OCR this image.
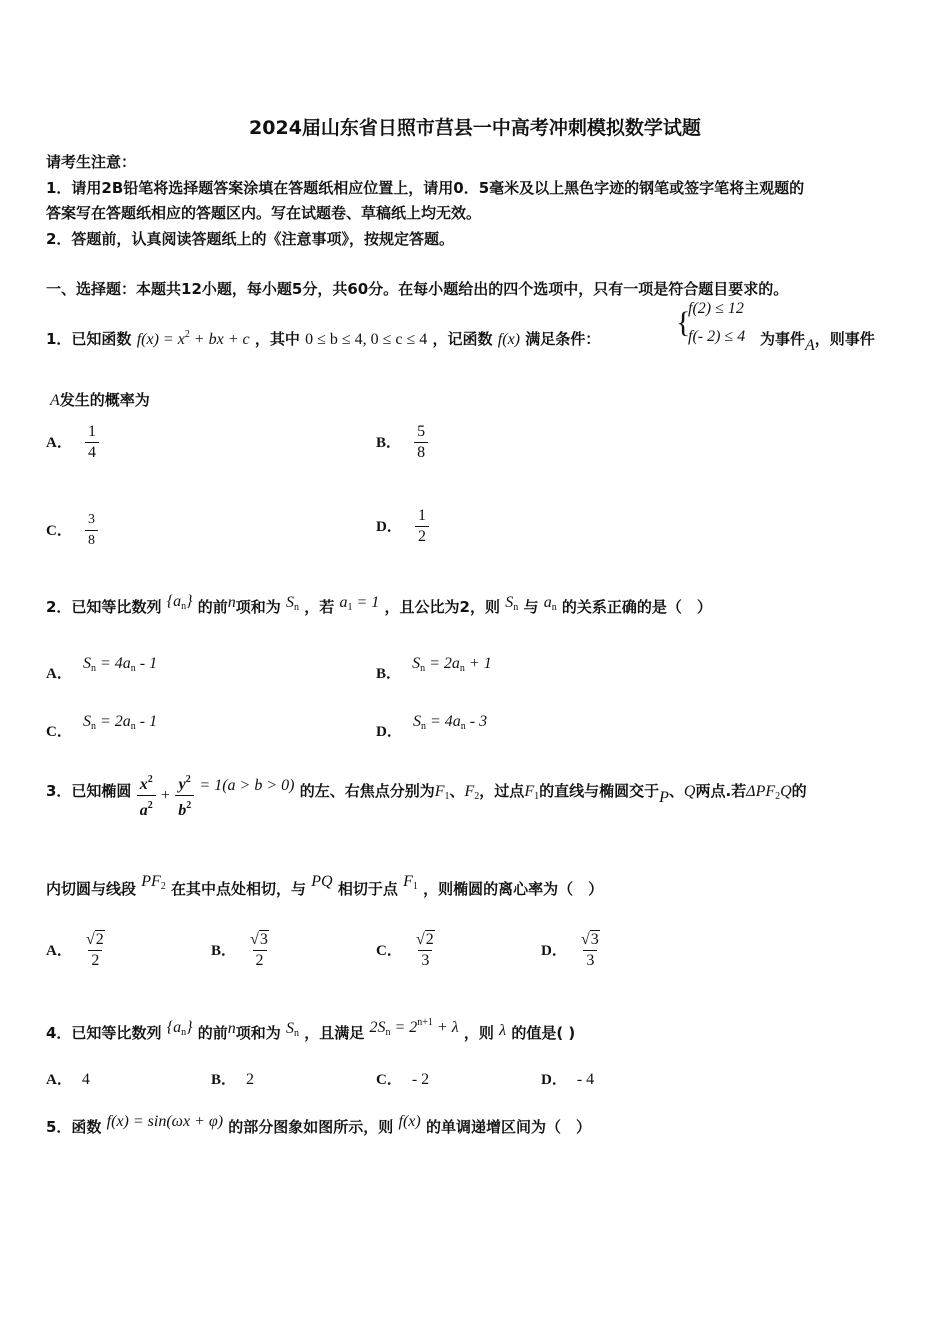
2024届山东省日照市莒县一中高考冲刺模拟数学试题
请考生注意：
1．请用2B铅笔将选择题答案涂填在答题纸相应位置上，请用0．5毫米及以上黑色字迹的钢笔或签字笔将主观题的
答案写在答题纸相应的答题区内。写在试题卷、草稿纸上均无效。
2．答题前，认真阅读答题纸上的《注意事项》，按规定答题。
一、选择题：本题共12小题，每小题5分，共60分。在每小题给出的四个选项中，只有一项是符合题目要求的。
1．已知函数 $f(x) = x^2$ + bx + c ，其中 0 ≤ b ≤ 4, 0 ≤ c ≤ 4 ，记函数 f(x) 满足条件：	{
f(2) ≤ 12
f(- 2) ≤ 4 为事件A，则事件
A发生的概率为
A． $\frac{1}{4}$	B． $\frac{5}{8}$
C． $\frac{3}{8}$	D． $\frac{1}{2}$
2．已知等比数列 $\{a_n\}$ 的前n项和为 $S_n$ ，若 $a_1 = 1$ ，且公比为2，则 $S_n$ 与 $a_n$ 的关系正确的是（　）
A． $S_n = 4a_n - 1$
B． $S_n = 2a_n + 1$
C． $S_n = 2a_n - 1$
D． $S_n = 4a_n - 3$
3．已知椭圆 $\frac{x^2}{a^2} + \frac{y^2}{b^2} = 1(a > b > 0)$ 的左、右焦点分别为$F_1$、$F_2$，过点$F_1$的直线与椭圆交于P、Q两点.若$\Delta PF_2Q$的
内切圆与线段 $PF_2$ 在其中点处相切，与 PQ 相切于点 $F_1$ ，则椭圆的离心率为（　）
A． $\frac{√2}{2}$	B． $\frac{√3}{2}$	C． $\frac{√2}{3}$	D． $\frac{√3}{3}$
4．已知等比数列 $\{a_n\}$ 的前n项和为 $S_n$ ，且满足 $2S_n = 2^{n+1} + \lambda$ ，则 λ 的值是( )
A． 4	B． 2	C． - 2	D． - 4
5．函数 f(x) = sin(ωx + φ) 的部分图象如图所示，则 f(x) 的单调递增区间为（　）
